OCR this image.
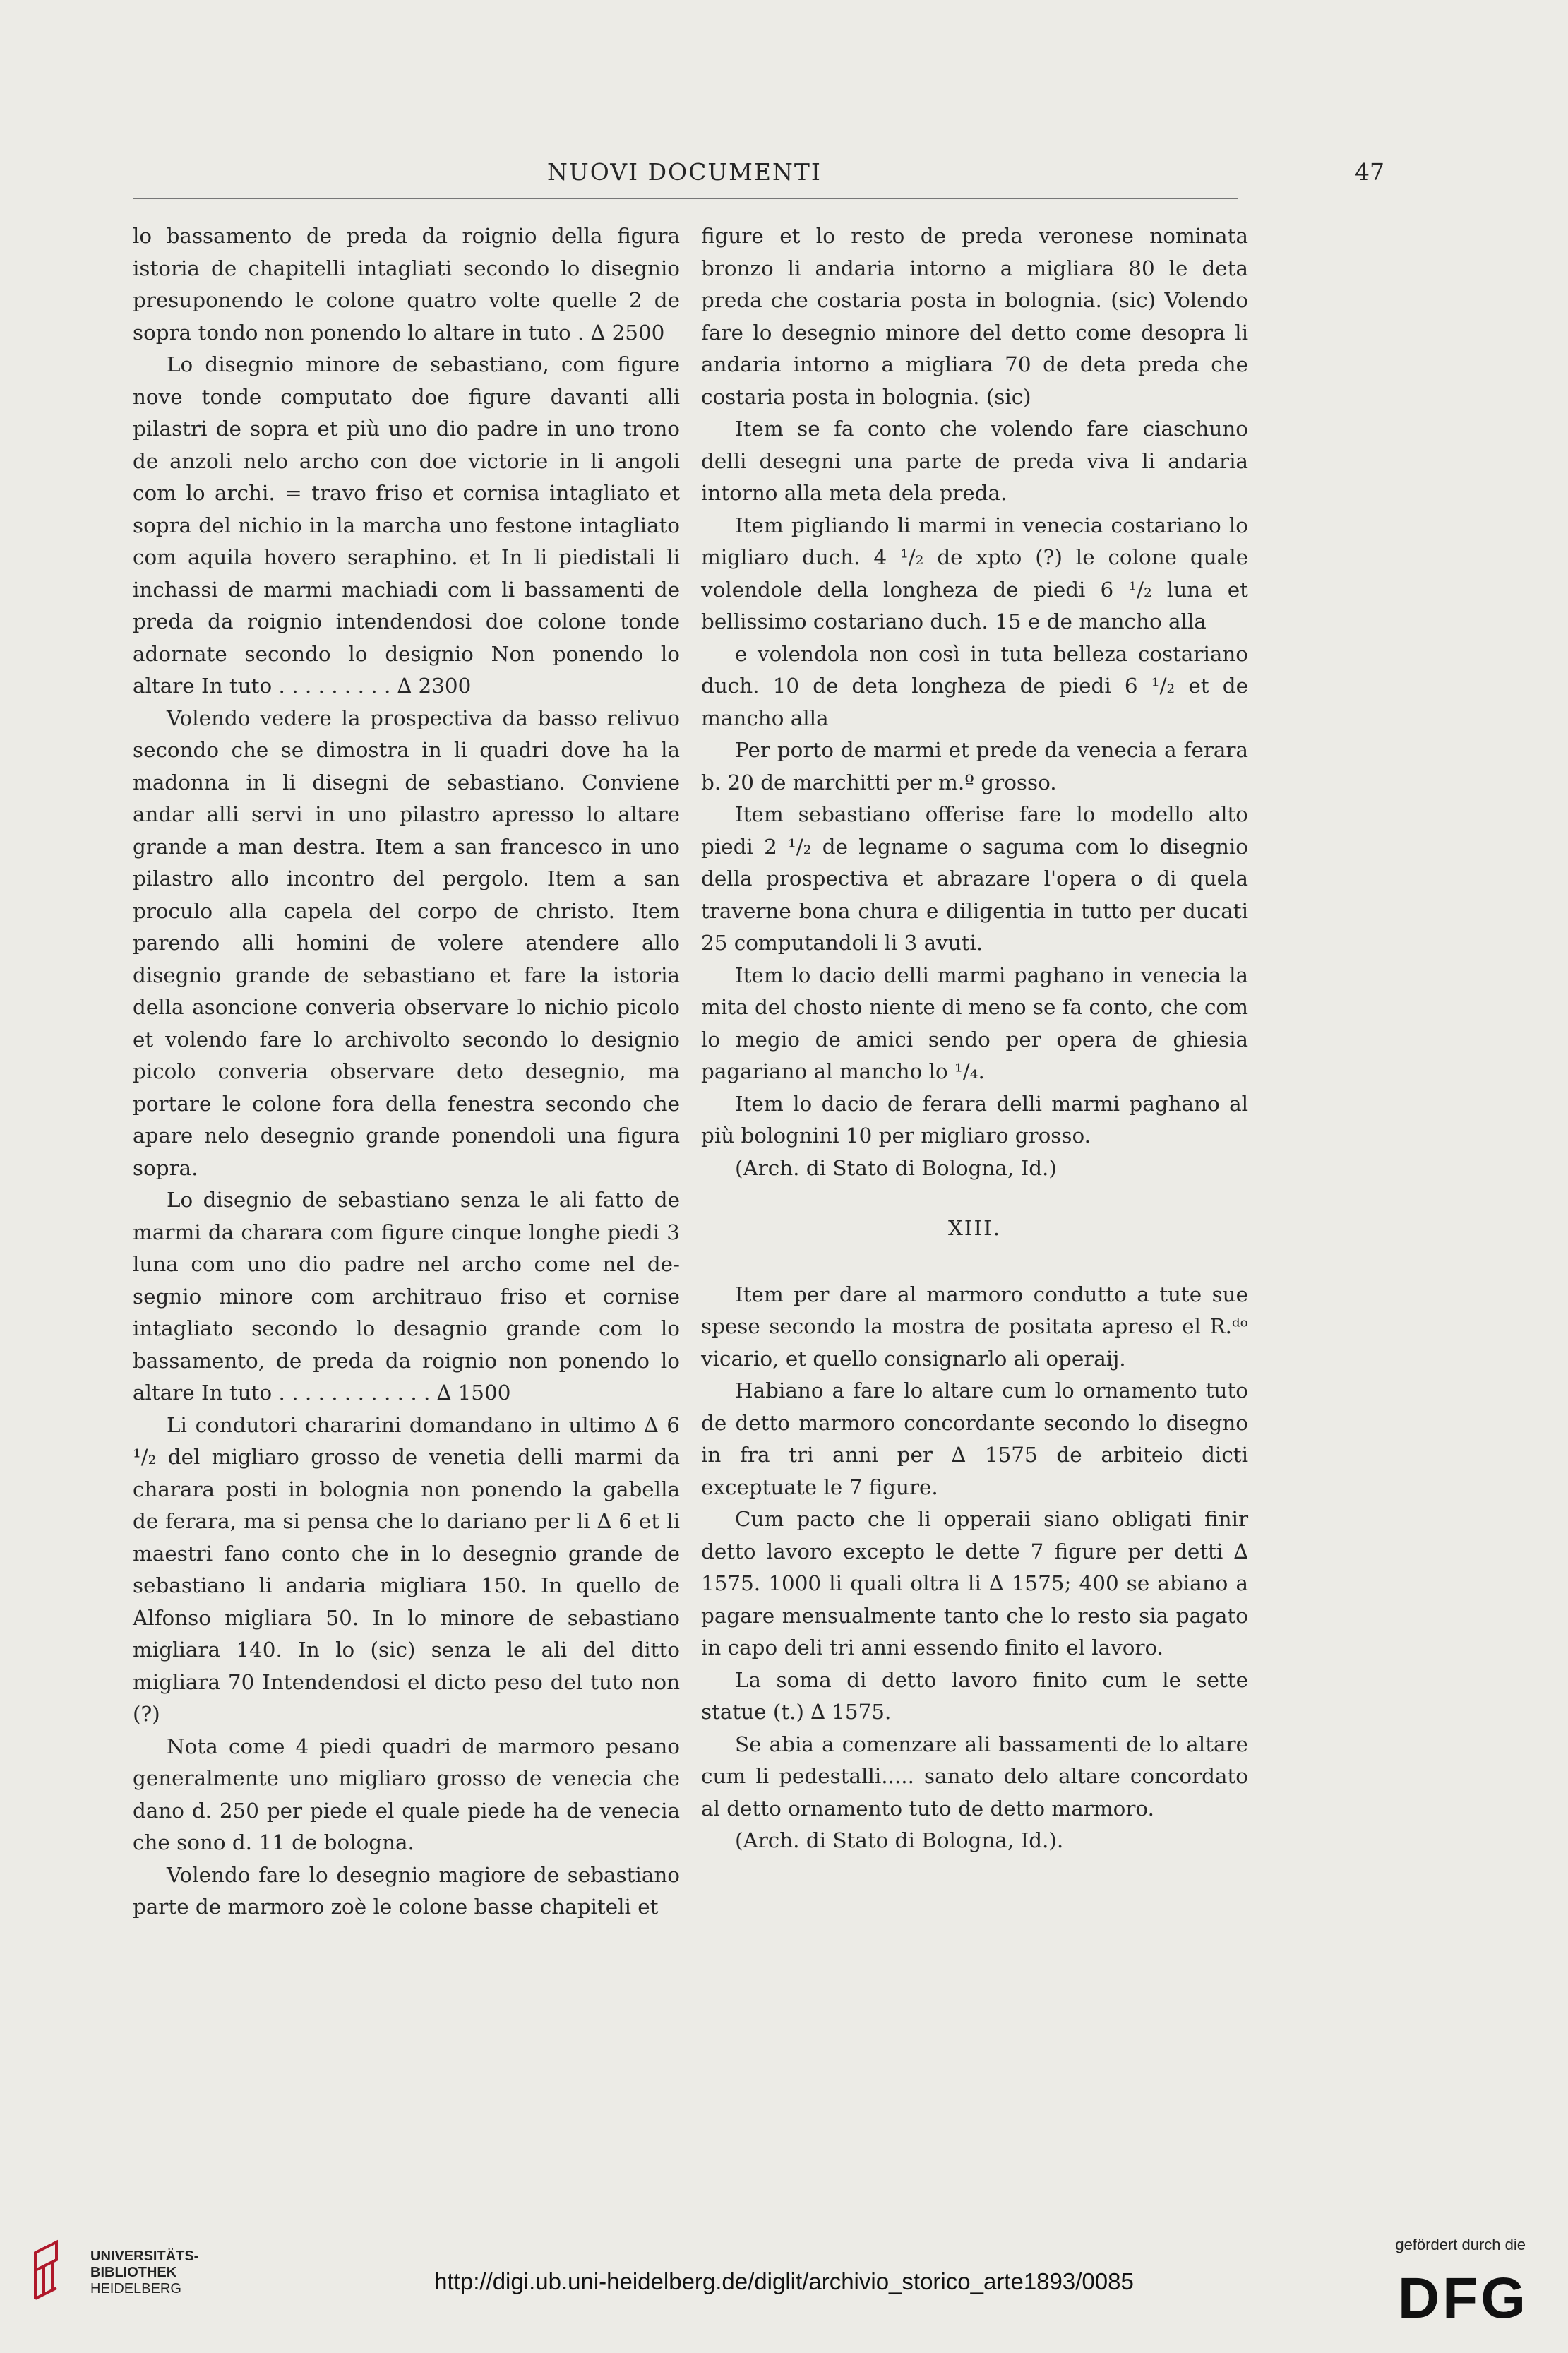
NUOVI DOCUMENTI	47

lo bassamento de preda da roignio della figura istoria de chapitelli intagliati secondo lo disegnio presuponendo le colone quatro volte quelle 2 de sopra tondo non ponendo lo altare in tuto . ∆ 2500

Lo disegnio minore de sebastiano, com figure nove tonde computato doe figure davanti alli pilastri de sopra et più uno dio padre in uno trono de anzoli nelo archo con doe victorie in li angoli com lo archi. = travo friso et cornisa intagliato et sopra del nichio in la marcha uno festone intagliato com aquila hovero seraphino. et In li piedistali li inchassi de marmi machiadi com li bassamenti de preda da roignio intendendosi doe colone tonde adornate secondo lo designio Non ponendo lo altare In tuto . . . . . . . . . ∆ 2300

Volendo vedere la prospectiva da basso relivuo secondo che se dimostra in li quadri dove ha la madonna in li disegni de sebastiano. Conviene andar alli servi in uno pilastro apresso lo altare grande a man destra. Item a san francesco in uno pilastro allo incontro del pergolo. Item a san proculo alla capela del corpo de christo. Item parendo alli homini de volere atendere allo disegnio grande de sebastiano et fare la istoria della asoncione converia observare lo nichio picolo et volendo fare lo archivolto secondo lo designio picolo converia observare deto desegnio, ma portare le colone fora della fenestra secondo che apare nelo desegnio grande ponendoli una figura sopra.

Lo disegnio de sebastiano senza le ali fatto de marmi da charara com figure cinque longhe piedi 3 luna com uno dio padre nel archo come nel de- segnio minore com architrauo friso et cornise intagliato secondo lo desagnio grande com lo bassamento, de preda da roignio non ponendo lo altare In tuto . . . . . . . . . . . . ∆ 1500

Li condutori chararini domandano in ultimo ∆ 6 ¹/₂ del migliaro grosso de venetia delli marmi da charara posti in bolognia non ponendo la gabella de ferara, ma si pensa che lo dariano per li ∆ 6 et li maestri fano conto che in lo desegnio grande de sebastiano li andaria migliara 150. In quello de Alfonso migliara 50. In lo minore de sebastiano migliara 140. In lo (sic) senza le ali del ditto migliara 70 Intendendosi el dicto peso del tuto non (?)

Nota come 4 piedi quadri de marmoro pesano generalmente uno migliaro grosso de venecia che dano d. 250 per piede el quale piede ha de venecia che sono d. 11 de bologna.

Volendo fare lo desegnio magiore de sebastiano parte de marmoro zoè le colone basse chapiteli et

figure et lo resto de preda veronese nominata bronzo li andaria intorno a migliara 80 le deta preda che costaria posta in bolognia. (sic) Volendo fare lo desegnio minore del detto come desopra li andaria intorno a migliara 70 de deta preda che costaria posta in bolognia. (sic)

Item se fa conto che volendo fare ciaschuno delli desegni una parte de preda viva li andaria intorno alla meta dela preda.

Item pigliando li marmi in venecia costariano lo migliaro duch. 4 ¹/₂ de xpto (?) le colone quale volendole della longheza de piedi 6 ¹/₂ luna et bellissimo costariano duch. 15 e de mancho alla

e volendola non così in tuta belleza costariano duch. 10 de deta longheza de piedi 6 ¹/₂ et de mancho alla

Per porto de marmi et prede da venecia a ferara b. 20 de marchitti per m.º grosso.

Item sebastiano offerise fare lo modello alto piedi 2 ¹/₂ de legname o saguma com lo disegnio della prospectiva et abrazare l'opera o di quela traverne bona chura e diligentia in tutto per ducati 25 computandoli li 3 avuti.

Item lo dacio delli marmi paghano in venecia la mita del chosto niente di meno se fa conto, che com lo megio de amici sendo per opera de ghiesia pagariano al mancho lo ¹/₄.

Item lo dacio de ferara delli marmi paghano al più bolognini 10 per migliaro grosso.

(Arch. di Stato di Bologna, Id.)

XIII.

Item per dare al marmoro condutto a tute sue spese secondo la mostra de positata apreso el R.ᵈᵒ vicario, et quello consignarlo ali operaij.

Habiano a fare lo altare cum lo ornamento tuto de detto marmoro concordante secondo lo disegno in fra tri anni per ∆ 1575 de arbiteio dicti exceptuate le 7 figure.

Cum pacto che li opperaii siano obligati finir detto lavoro excepto le dette 7 figure per detti ∆ 1575. 1000 li quali oltra li ∆ 1575; 400 se abiano a pagare mensualmente tanto che lo resto sia pagato in capo deli tri anni essendo finito el lavoro.

La soma di detto lavoro finito cum le sette statue (t.) ∆ 1575.

Se abia a comenzare ali bassamenti de lo altare cum li pedestalli..... sanato delo altare concordato al detto ornamento tuto de detto marmoro.

(Arch. di Stato di Bologna, Id.).

UNIVERSITÄTS-
BIBLIOTHEK
HEIDELBERG	http://digi.ub.uni-heidelberg.de/diglit/archivio_storico_arte1893/0085
gefördert durch die
DFG
